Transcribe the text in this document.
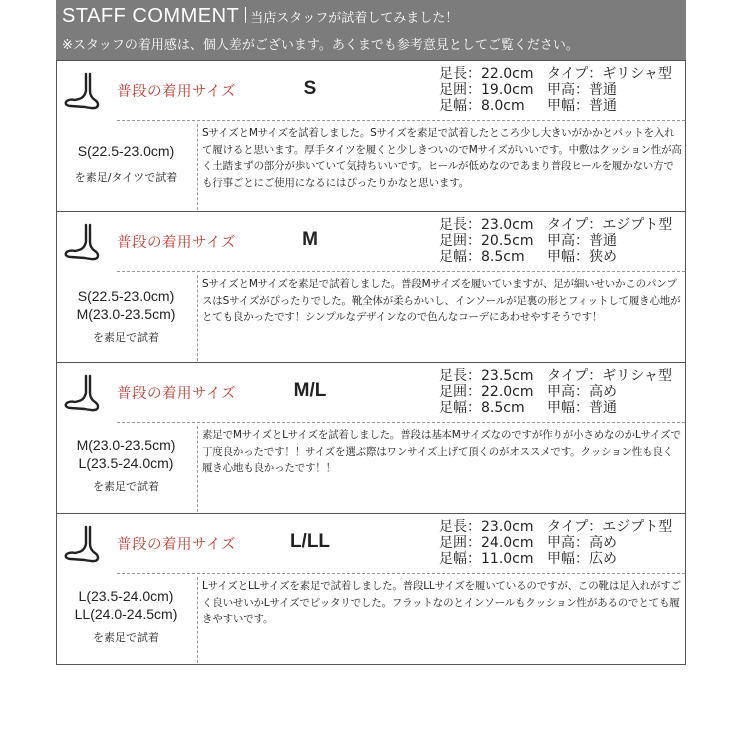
STAFF COMMENT 当店スタッフが試着してみました！
※スタッフの着用感は、個人差がございます。あくまでも参考意見としてご覧ください。
普段の着用サイズ	S
足長：22.0cm タイプ：ギリシャ型
足囲：19.0cm 甲高：普通
足幅：8.0cm 甲幅：普通
S(22.5-23.0cm)
を素足/タイツで試着
SサイズとMサイズを試着しました。Sサイズを素足で試着したところ少し大きいがかかとパットを入れて履けると思います。厚手タイツを履くと少しきついのでMサイズがいいです。中敷はクッション性が高く土踏まずの部分が歩いていて気持ちいいです。ヒールが低めなのであまり普段ヒールを履かない方でも行事ごとにご使用になるにはぴったりかなと思います。
普段の着用サイズ	M
足長：23.0cm タイプ：エジプト型
足囲：20.5cm 甲高：普通
足幅：8.5cm 甲幅：狭め
S(22.5-23.0cm)
M(23.0-23.5cm)
を素足で試着
SサイズとMサイズを素足で試着しました。普段Mサイズを履いていますが、足が細いせいかこのパンプスはSサイズがぴったりでした。靴全体が柔らかいし、インソールが足裏の形とフィットして履き心地がとても良かったです！シンプルなデザインなので色んなコーデにあわせやすそうです！
普段の着用サイズ	M/L
足長：23.5cm タイプ：ギリシャ型
足囲：22.0cm 甲高：高め
足幅：8.5cm 甲幅：普通
M(23.0-23.5cm)
L(23.5-24.0cm)
を素足で試着
素足でMサイズとLサイズを試着しました。普段は基本Mサイズなのですが作りが小さめなのかLサイズで丁度良かったです！！サイズを選ぶ際はワンサイズ上げて頂くのがオススメです。クッション性も良く履き心地も良かったです！！
普段の着用サイズ	L/LL
足長：23.0cm タイプ：エジプト型
足囲：24.0cm 甲高：高め
足幅：11.0cm 甲幅：広め
L(23.5-24.0cm)
LL(24.0-24.5cm)
を素足で試着
LサイズとLLサイズを素足で試着しました。普段LLサイズを履いているのですが、この靴は足入れがすごく良いせいかLサイズでピッタリでした。フラットなのとインソールもクッション性があるのでとても履きやすいです。
